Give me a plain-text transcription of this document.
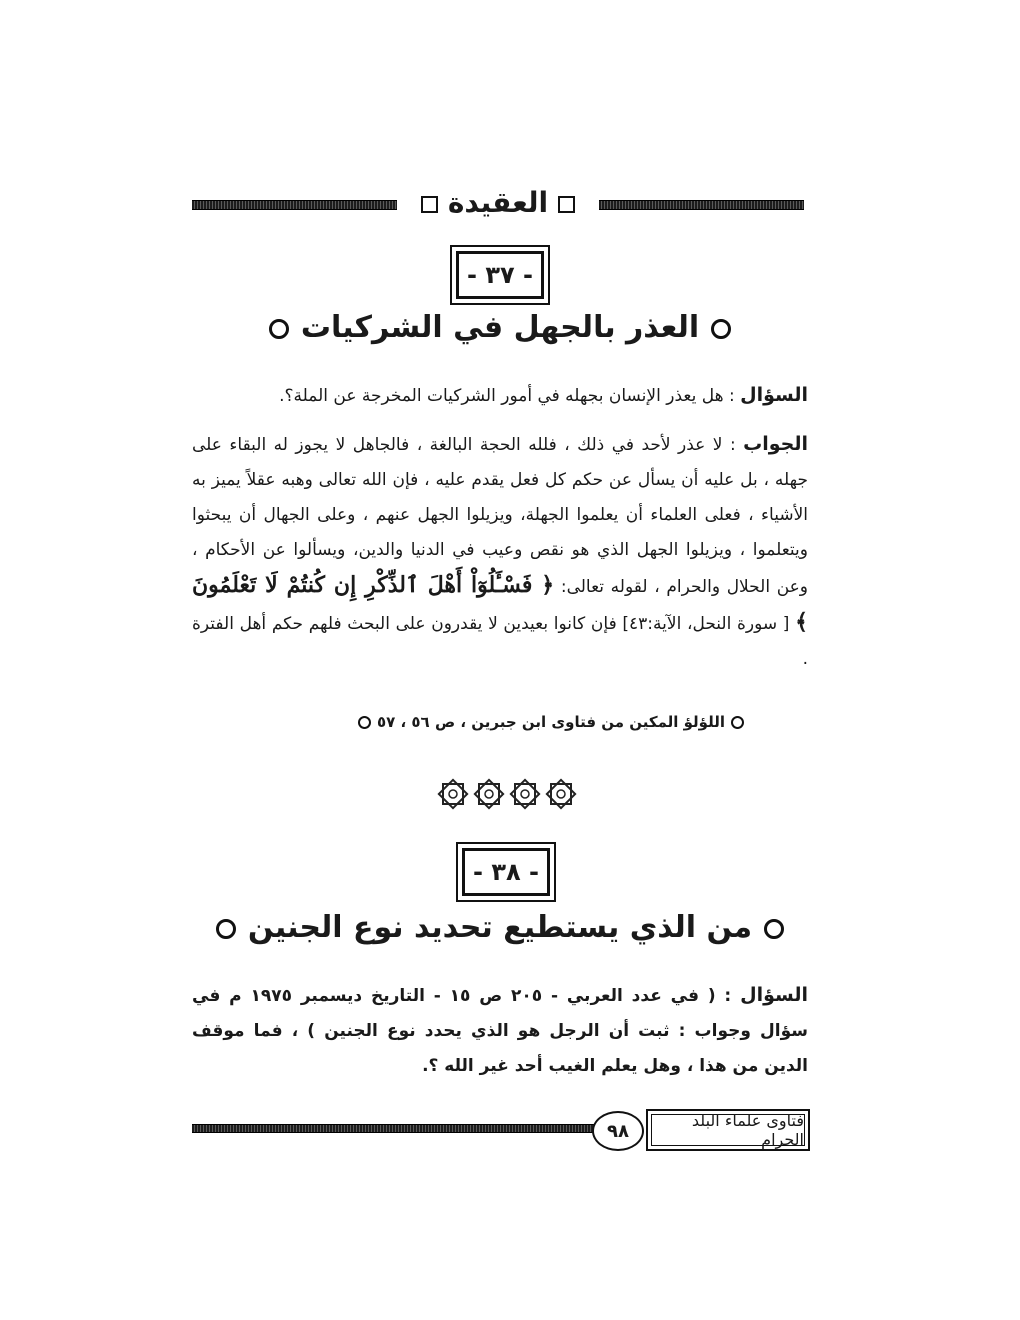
العقيدة
- ٣٧ -
العذر بالجهل في الشركيات
السؤال : هل يعذر الإنسان بجهله في أمور الشركيات المخرجة عن الملة؟.
الجواب : لا عذر لأحد في ذلك ، فلله الحجة البالغة ، فالجاهل لا يجوز له البقاء على جهله ، بل عليه أن يسأل عن حكم كل فعل يقدم عليه ، فإن الله تعالى وهبه عقلاً يميز به الأشياء ، فعلى العلماء أن يعلموا الجهلة، ويزيلوا الجهل عنهم ، وعلى الجهال أن يبحثوا ويتعلموا ، ويزيلوا الجهل الذي هو نقص وعيب في الدنيا والدين، ويسألوا عن الأحكام ، وعن الحلال والحرام ، لقوله تعالى: ﴿ فَسْـَٔلُوٓاْ أَهْلَ ٱلذِّكْرِ إِن كُنتُمْ لَا تَعْلَمُونَ ﴾ [ سورة النحل، الآية:٤٣] فإن كانوا بعيدين لا يقدرون على البحث فلهم حكم أهل الفترة .
اللؤلؤ المكين من فتاوى ابن جبرين ، ص ٥٦ ، ٥٧
- ٣٨ -
من الذي يستطيع تحديد نوع الجنين
السؤال : ( في عدد العربي - ٢٠٥ ص ١٥ - التاريخ ديسمبر ١٩٧٥ م في سؤال وجواب : ثبت أن الرجل هو الذي يحدد نوع الجنين ) ، فما موقف الدين من هذا ، وهل يعلم الغيب أحد غير الله ؟.
٩٨	فتاوى علماء البلد الحرام
